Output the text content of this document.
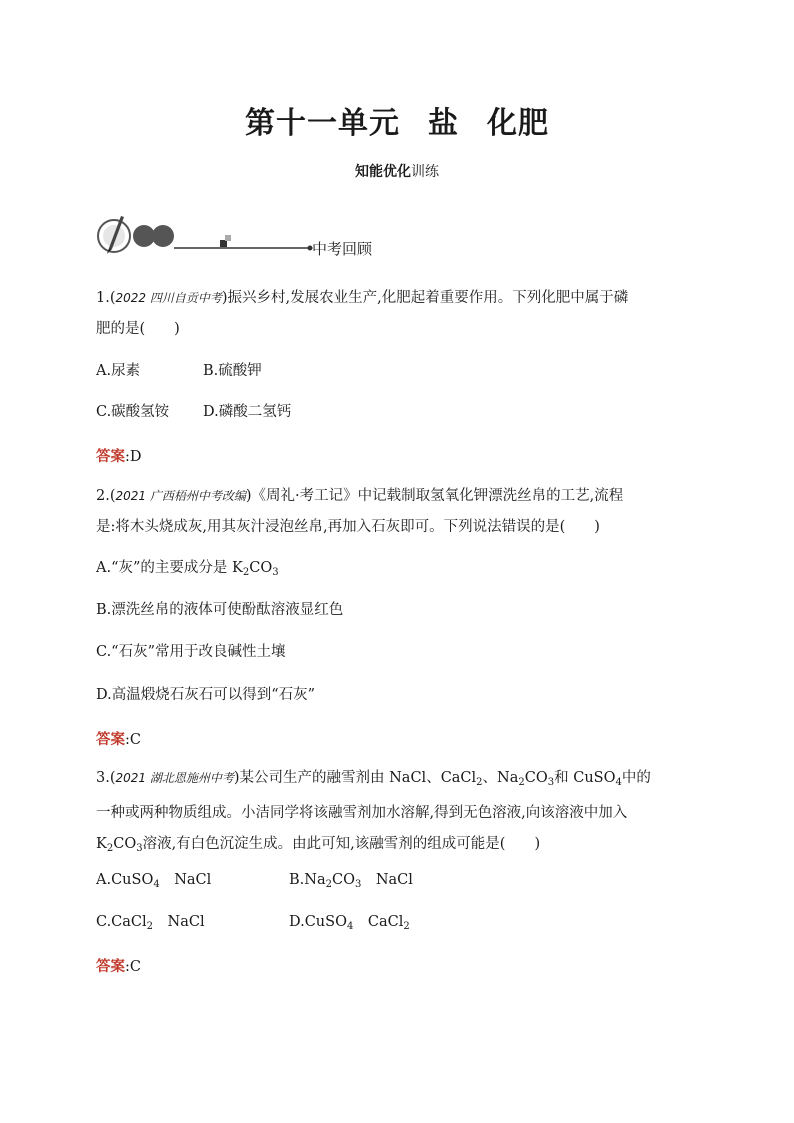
第十一单元 盐 化肥
知能优化训练
中考回顾
1.(2022 四川自贡中考)振兴乡村,发展农业生产,化肥起着重要作用。下列化肥中属于磷
肥的是(　　)
A.尿素	B.硫酸钾
C.碳酸氢铵 D.磷酸二氢钙
答案:D
2.(2021 广西梧州中考改编)《周礼·考工记》中记载制取氢氧化钾漂洗丝帛的工艺,流程
是:将木头烧成灰,用其灰汁浸泡丝帛,再加入石灰即可。下列说法错误的是(　　)
A.“灰”的主要成分是 $K_2CO_3$
B.漂洗丝帛的液体可使酚酞溶液显红色
C.“石灰”常用于改良碱性土壤
D.高温煅烧石灰石可以得到“石灰”
答案:C
3.(2021 湖北恩施州中考)某公司生产的融雪剂由 NaCl、CaCl$_2$、$Na_2CO_3$和 CuSO$_4$中的
一种或两种物质组成。小洁同学将该融雪剂加水溶解,得到无色溶液,向该溶液中加入
$K_2CO_3$溶液,有白色沉淀生成。由此可知,该融雪剂的组成可能是(　　)
A.CuSO$_4$　NaCl	$B.Na_2CO_3$　NaCl
C.CaCl$_2$　NaCl	D.CuSO$_4$　CaCl$_2$
答案:C
